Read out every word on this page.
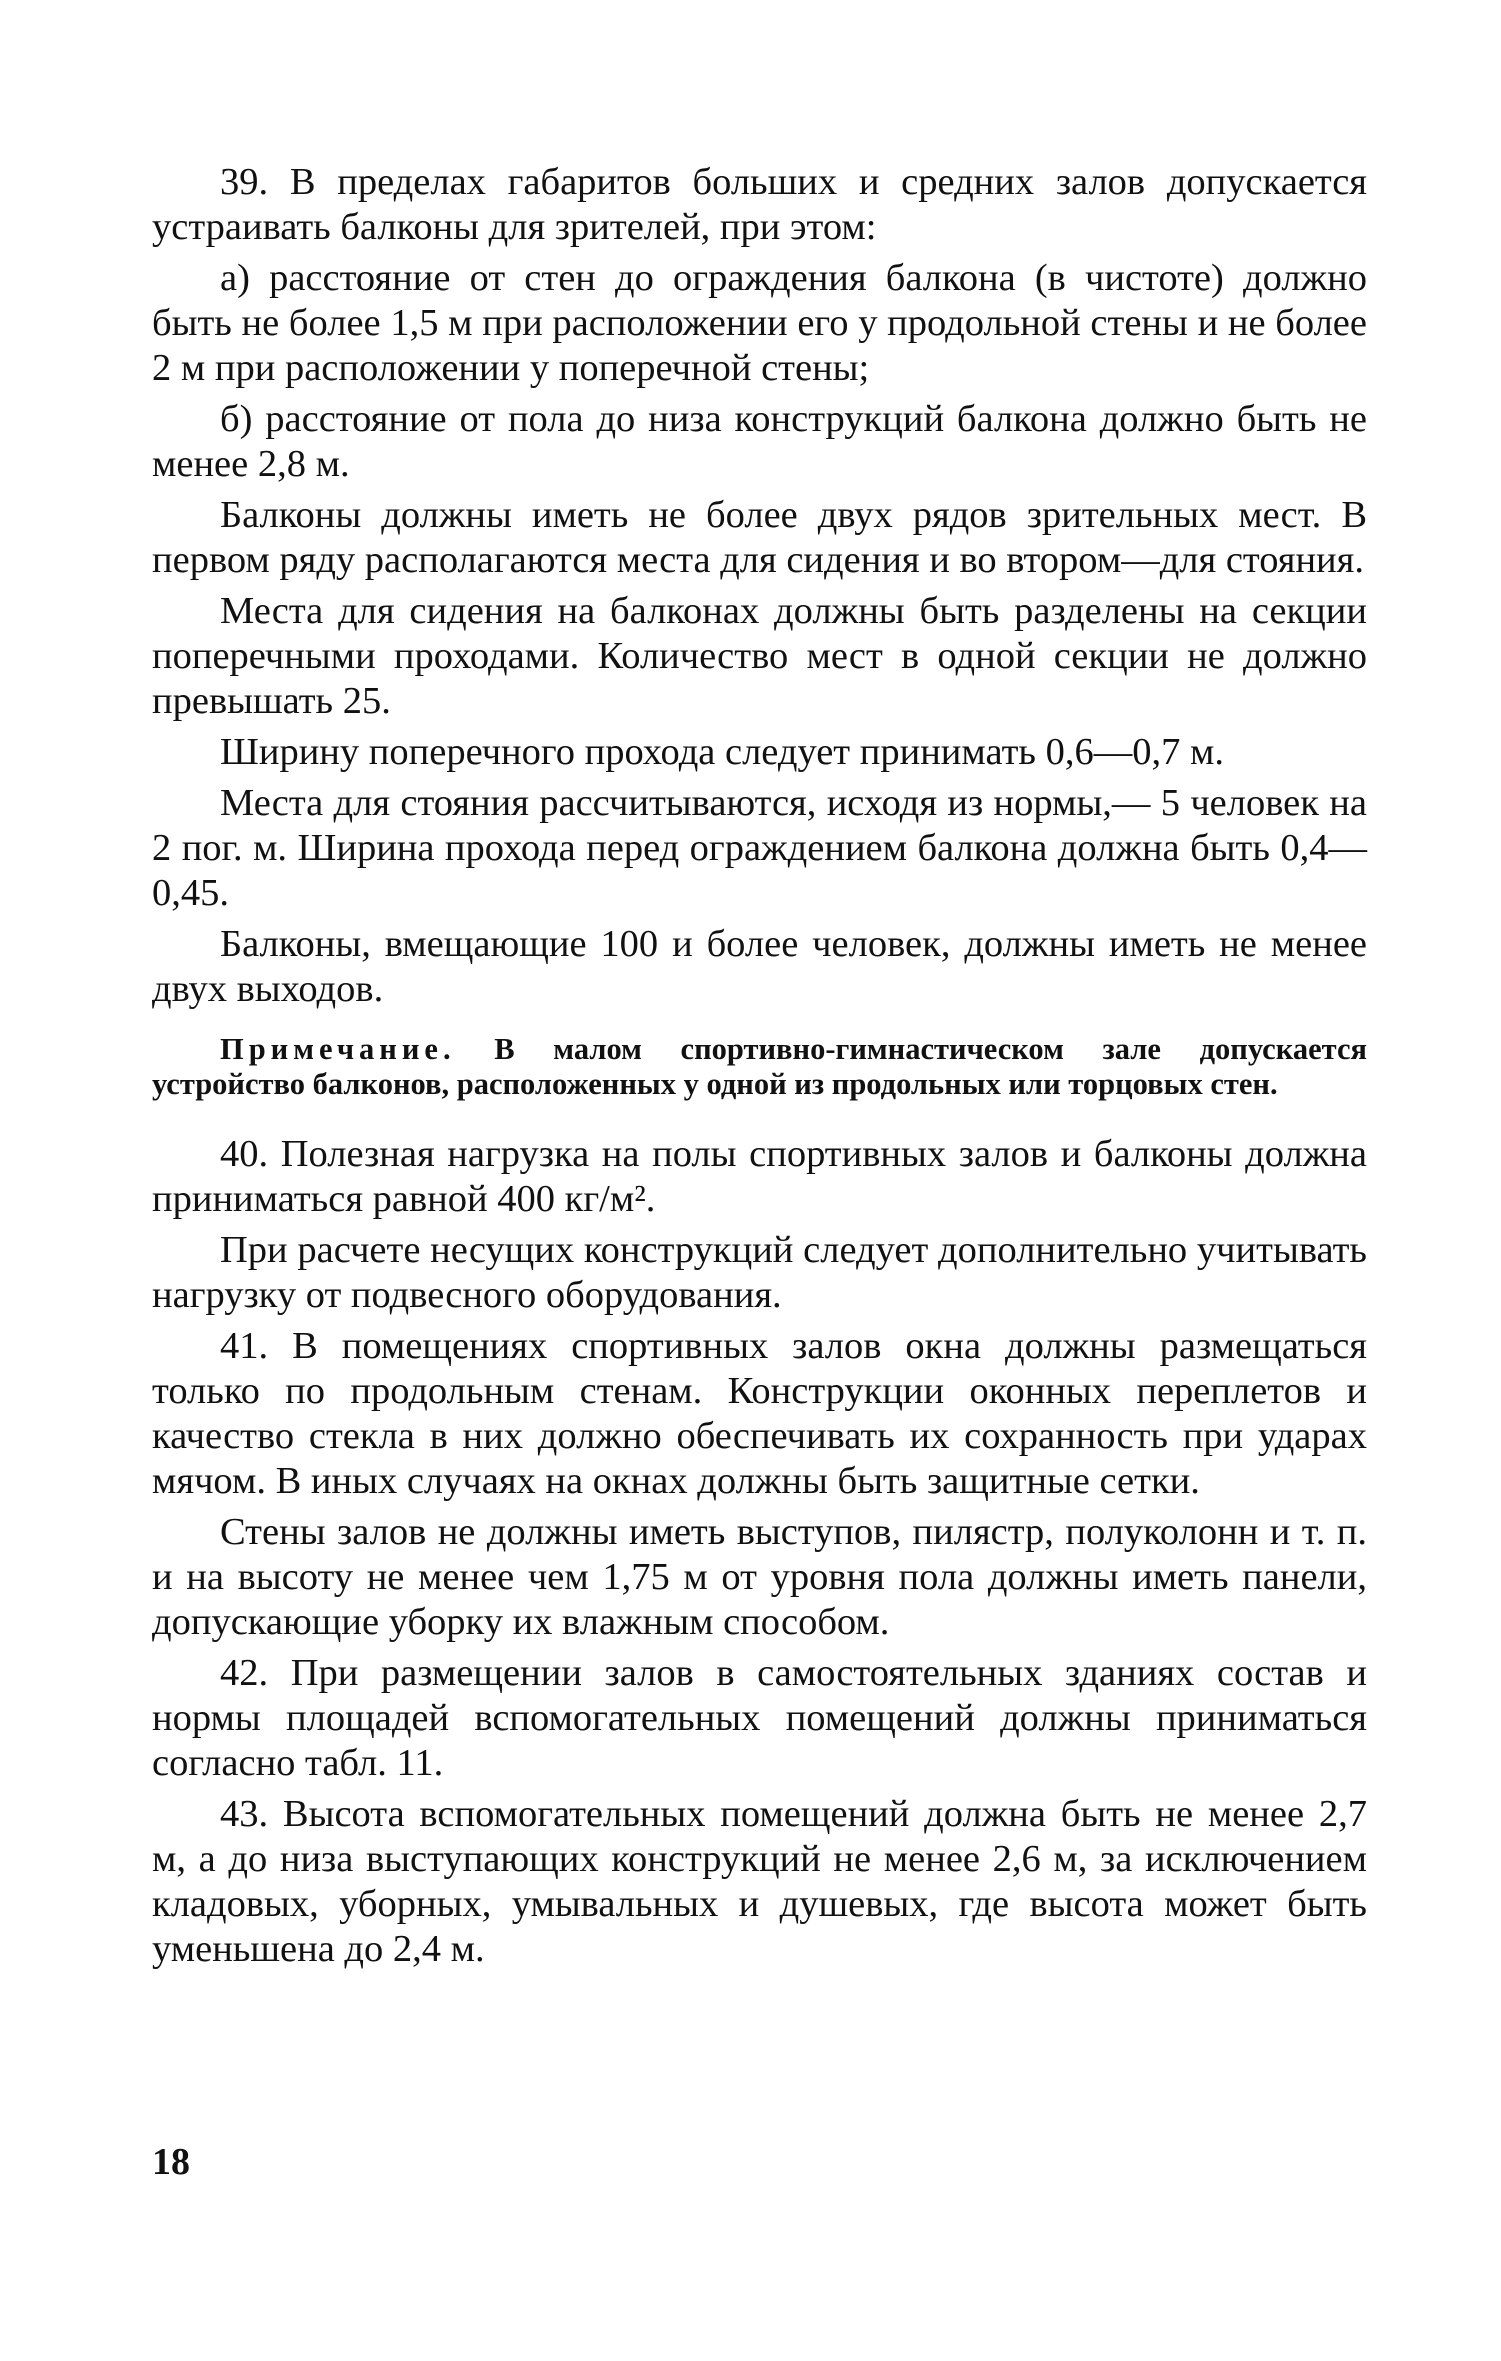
39. В пределах габаритов больших и средних залов допускается устраивать балконы для зрителей, при этом:

а) расстояние от стен до ограждения балкона (в чистоте) должно быть не более 1,5 м при расположении его у продольной стены и не более 2 м при расположении у поперечной стены;

б) расстояние от пола до низа конструкций балкона должно быть не менее 2,8 м.

Балконы должны иметь не более двух рядов зрительных мест. В первом ряду располагаются места для сидения и во втором—для стояния.

Места для сидения на балконах должны быть разделены на секции поперечными проходами. Количество мест в одной секции не должно превышать 25.

Ширину поперечного прохода следует принимать 0,6—0,7 м.

Места для стояния рассчитываются, исходя из нормы,— 5 человек на 2 пог. м. Ширина прохода перед ограждением балкона должна быть 0,4—0,45.

Балконы, вмещающие 100 и более человек, должны иметь не менее двух выходов.

Примечание. В малом спортивно-гимнастическом зале допускается устройство балконов, расположенных у одной из продольных или торцовых стен.

40. Полезная нагрузка на полы спортивных залов и балконы должна приниматься равной 400 кг/м².

При расчете несущих конструкций следует дополнительно учитывать нагрузку от подвесного оборудования.

41. В помещениях спортивных залов окна должны размещаться только по продольным стенам. Конструкции оконных переплетов и качество стекла в них должно обеспечивать их сохранность при ударах мячом. В иных случаях на окнах должны быть защитные сетки.

Стены залов не должны иметь выступов, пилястр, полуколонн и т. п. и на высоту не менее чем 1,75 м от уровня пола должны иметь панели, допускающие уборку их влажным способом.

42. При размещении залов в самостоятельных зданиях состав и нормы площадей вспомогательных помещений должны приниматься согласно табл. 11.

43. Высота вспомогательных помещений должна быть не менее 2,7 м, а до низа выступающих конструкций не менее 2,6 м, за исключением кладовых, уборных, умывальных и душевых, где высота может быть уменьшена до 2,4 м.

18
